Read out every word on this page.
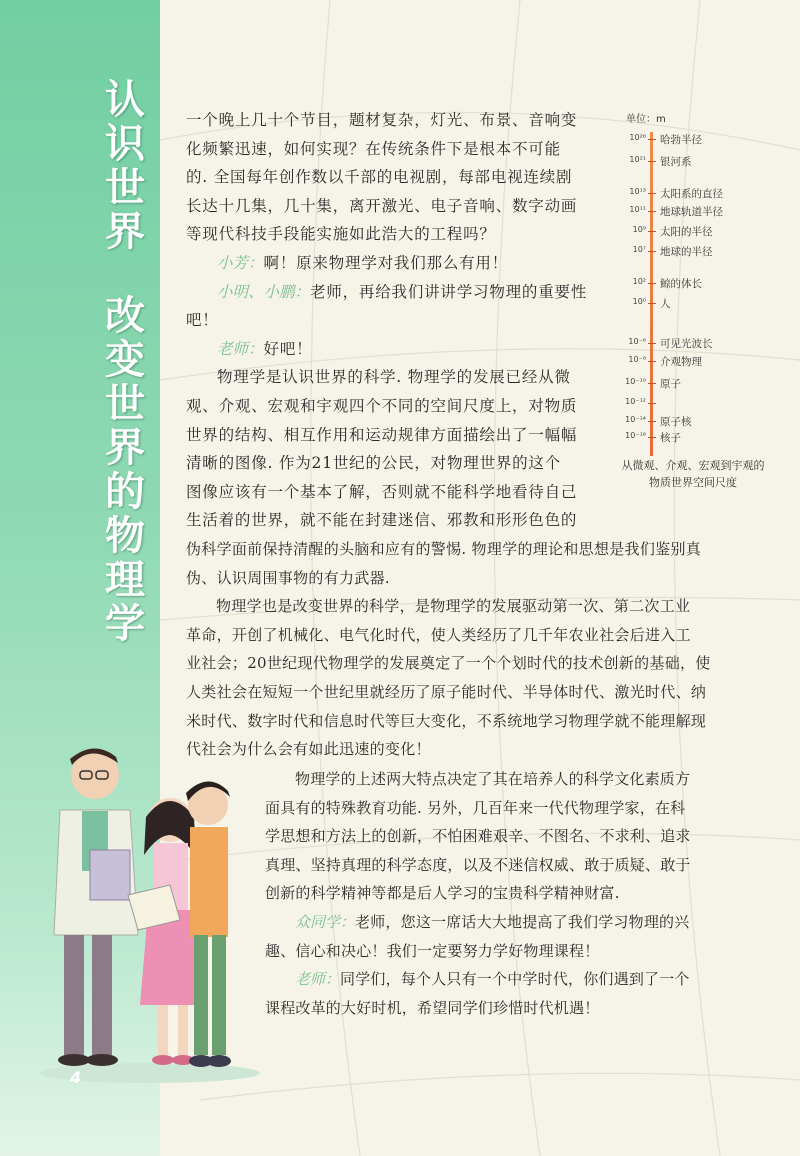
认
识
世
界
改
变
世
界
的
物
理
学

一个晚上几十个节目，题材复杂，灯光、布景、音响变

化频繁迅速，如何实现？在传统条件下是根本不可能

的. 全国每年创作数以千部的电视剧，每部电视连续剧

长达十几集，几十集，离开激光、电子音响、数字动画

等现代科技手段能实施如此浩大的工程吗？

小芳：啊！原来物理学对我们那么有用！

小明、小鹏：老师，再给我们讲讲学习物理的重要性

吧！

老师：好吧！

物理学是认识世界的科学. 物理学的发展已经从微

观、介观、宏观和宇观四个不同的空间尺度上，对物质

世界的结构、相互作用和运动规律方面描绘出了一幅幅

清晰的图像. 作为21世纪的公民，对物理世界的这个

图像应该有一个基本了解，否则就不能科学地看待自己

生活着的世界，就不能在封建迷信、邪教和形形色色的

伪科学面前保持清醒的头脑和应有的警惕. 物理学的理论和思想是我们鉴别真

伪、认识周围事物的有力武器.

物理学也是改变世界的科学，是物理学的发展驱动第一次、第二次工业

革命，开创了机械化、电气化时代，使人类经历了几千年农业社会后进入工

业社会；20世纪现代物理学的发展奠定了一个个划时代的技术创新的基础，使

人类社会在短短一个世纪里就经历了原子能时代、半导体时代、激光时代、纳

米时代、数字时代和信息时代等巨大变化，不系统地学习物理学就不能理解现

代社会为什么会有如此迅速的变化！

物理学的上述两大特点决定了其在培养人的科学文化素质方

面具有的特殊教育功能. 另外，几百年来一代代物理学家，在科

学思想和方法上的创新，不怕困难艰辛、不图名、不求利、追求

真理、坚持真理的科学态度，以及不迷信权威、敢于质疑、敢于

创新的科学精神等都是后人学习的宝贵科学精神财富.

众同学：老师，您这一席话大大地提高了我们学习物理的兴

趣、信心和决心！我们一定要努力学好物理课程！

老师：同学们，每个人只有一个中学时代，你们遇到了一个

课程改革的大好时机，希望同学们珍惜时代机遇！

单位：m
10²⁶ 哈勃半径
10²¹ 银河系
10¹³ 太阳系的直径
10¹¹ 地球轨道半径
10⁹ 太阳的半径
10⁷ 地球的半径
10² 鲸的体长
10⁰ 人
10⁻⁶ 可见光波长
10⁻⁸ 介观物理
10⁻¹⁰ 原子
10⁻¹²
10⁻¹⁴ 原子核
10⁻¹⁶ 核子
从微观、介观、宏观到宇观的物质世界空间尺度
4
